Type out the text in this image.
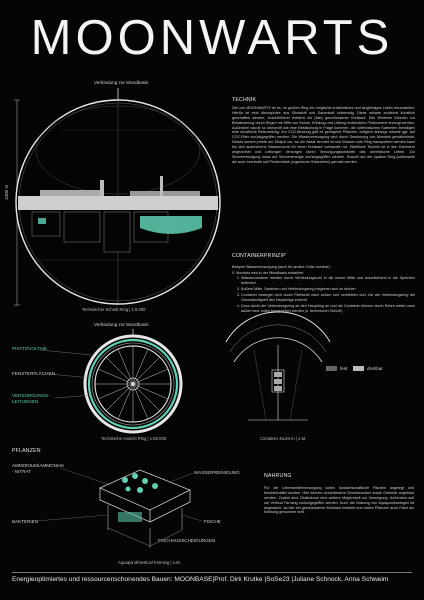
MOONWARTS
Verbindung zur Mondbasis
1000 m
Technischer Schnitt Ring | 1:5.000
TECHNIK
Ziel von MOONWARTS ist es, im großen Ring ein möglichst erdähnliches und langfristiges Leben herzustellen. Hierfür ist eine Atmosphäre aus Stickstoff und Sauerstoff notwendig. Diese müsste zunächst künstlich geschaffen werden, anschließend entsteht ein (fast) geschlossener Kreislauf. Des Weiteren könnten zur Bewässerung durch Regen mit Hilfe von Sonne, Kühlung und Lüftung erdähnliche Phänomene erzeugt werden. Außerdem würde so überprüft wie eine Bestäubung in Frage kommen, die unterirdischen Kammern benötigen eine künstliche Beleuchtung. Zur CO2-Bindung gibt es genügend Pflanzen, lediglich anfangs müsste ggf. auf CO2-Filter zurückgegriffen werden. Die Wasserversorgung wird durch Gewinnung von Mondeis gewährleistet. Dieses kommt primär am Südpol vor, wo die Basis verortet ist und Wasser zum Ring transportiert werden kann bis dort ausreichend Wasservorrat für einen Kreislauf vorhanden ist. Sämtliche Technik ist in den Kammern angeordnet und Leitungen versorgen durch Versorgungsschächte das oberirdische Leben. Zur Stromversorgung muss auf Sonnenenergie zurückgegriffen werden. Sowohl auf der opaken Ring-Außenseite als auch innerhalb soll Photovoltaik (organische Solarzellen) genutzt werden.
CONTAINERPRINZIP
Beispiel Wasserversorgung (auch für andere Güter nutzbar):
0. Mondeis wird in der Mondbasis extrahiert
1. Wassercontainer werden durch Verbindungsrohr in die innere Mitte und anschließend in die Speichen befördert
2. Äußere Mitte, Speichen und Verbindungsring beginnen sich zu drehen
3. Container bewegen sich durch Fliehkraft nach außen und verbleiben dort, bis der Verbindungsring die Geschwindigkeit des Hauptrings erreicht
4. Dann dockt der Verbindungsring an den Hauptring an und die Container können durch Rohre weiter nach außen bzw. unten transportiert werden (s. technischer Schnitt)
Verbindung zur Mondbasis
PHOTOVOLTAIK
FENSTERFLÄCHEN
VERSORGUNGS-
LEITUNGEN
Technische Ansicht Ring | 1:50.000
fest	drehbar
Container Zoom-in | o.M.
PFLANZEN
AMMONIUM/AMMONIAK
- NITRAT	WASSERREINIGUNG
BAKTERIEN	FISCHE
FISCHAUSSCHEIDUNGEN
Aquaponik/Vertical Farming | o.M.
NAHRUNG
Für die Lebensmittelversorgung sollen landwirtschaftliche Flächen angelegt und bewirtschaftet werden. Hier können verschiedene Gemüsesorten sowie Getreide angebaut werden. Zudem sind Obstbäume eine weitere Möglichkeit zur Versorgung. Außerdem soll auf Vertical Farming zurückgegriffen werden. Auch die Nutzung von Aquaponikanlagen ist angedacht, da hier ein geschlossener Kreislauf entsteht und neben Pflanzen auch Fisch als Nahrung gewonnen wird.
Energieoptimiertes und ressourcenschonendes Bauen: MOONBASE|Prof. Dirk Krutke |SoSe23 |Juliane Schnock, Anna Schweim
